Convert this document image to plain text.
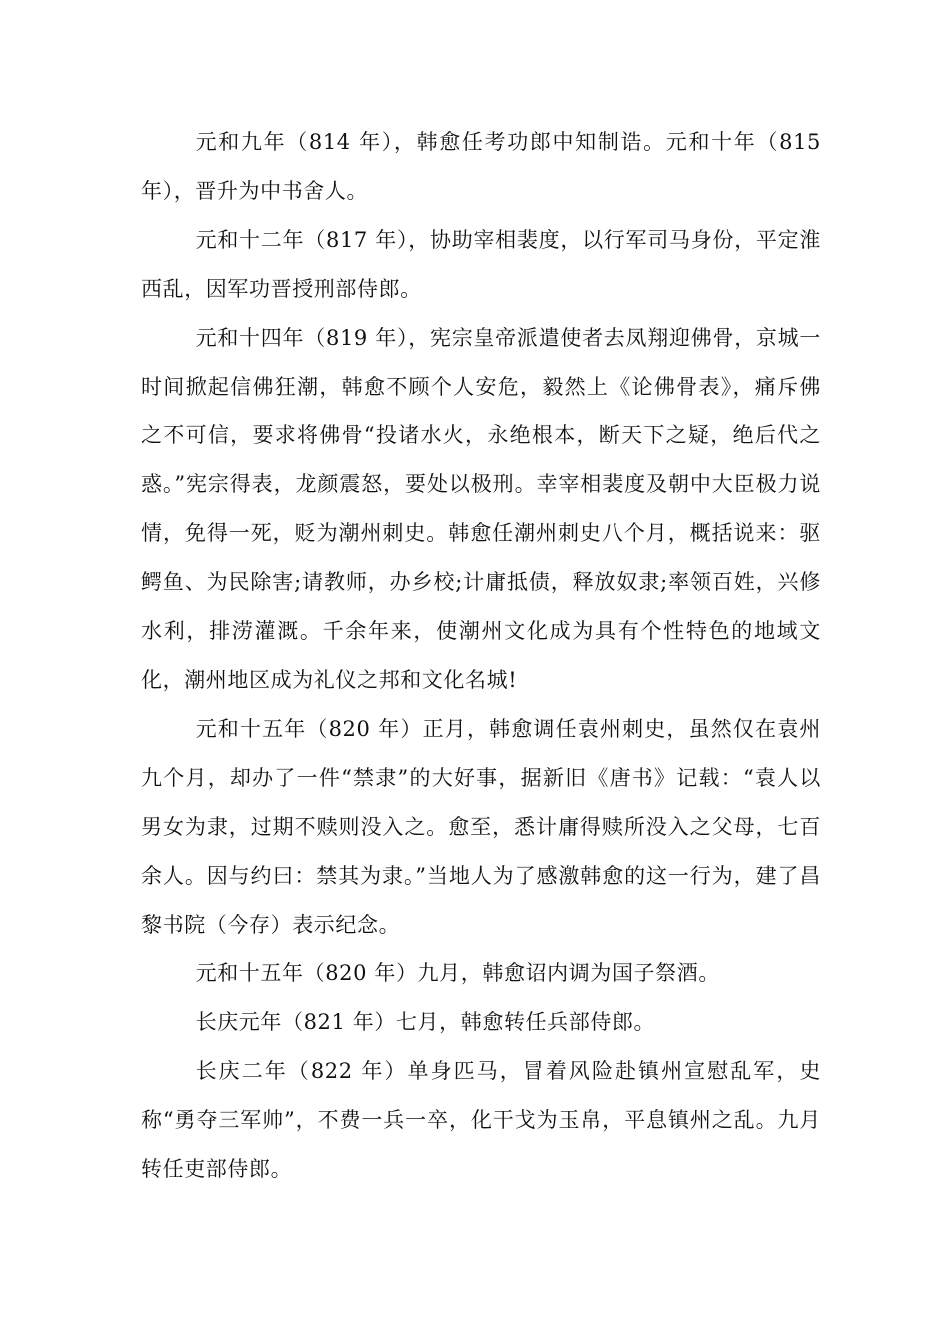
元和九年（814 年），韩愈任考功郎中知制诰。元和十年（815年），晋升为中书舍人。

元和十二年（817 年），协助宰相裴度，以行军司马身份，平定淮西乱，因军功晋授刑部侍郎。

元和十四年（819 年），宪宗皇帝派遣使者去凤翔迎佛骨，京城一时间掀起信佛狂潮，韩愈不顾个人安危，毅然上《论佛骨表》，痛斥佛之不可信，要求将佛骨“投诸水火，永绝根本，断天下之疑，绝后代之惑。”宪宗得表，龙颜震怒，要处以极刑。幸宰相裴度及朝中大臣极力说情，免得一死，贬为潮州刺史。韩愈任潮州刺史八个月，概括说来：驱鳄鱼、为民除害;请教师，办乡校;计庸抵债，释放奴隶;率领百姓，兴修水利，排涝灌溉。千余年来，使潮州文化成为具有个性特色的地域文化，潮州地区成为礼仪之邦和文化名城!

元和十五年（820 年）正月，韩愈调任袁州刺史，虽然仅在袁州九个月，却办了一件“禁隶”的大好事，据新旧《唐书》记载：“袁人以男女为隶，过期不赎则没入之。愈至，悉计庸得赎所没入之父母，七百余人。因与约曰：禁其为隶。”当地人为了感激韩愈的这一行为，建了昌黎书院（今存）表示纪念。

元和十五年（820 年）九月，韩愈诏内调为国子祭酒。

长庆元年（821 年）七月，韩愈转任兵部侍郎。

长庆二年（822 年）单身匹马，冒着风险赴镇州宣慰乱军，史称“勇夺三军帅”，不费一兵一卒，化干戈为玉帛，平息镇州之乱。九月转任吏部侍郎。
